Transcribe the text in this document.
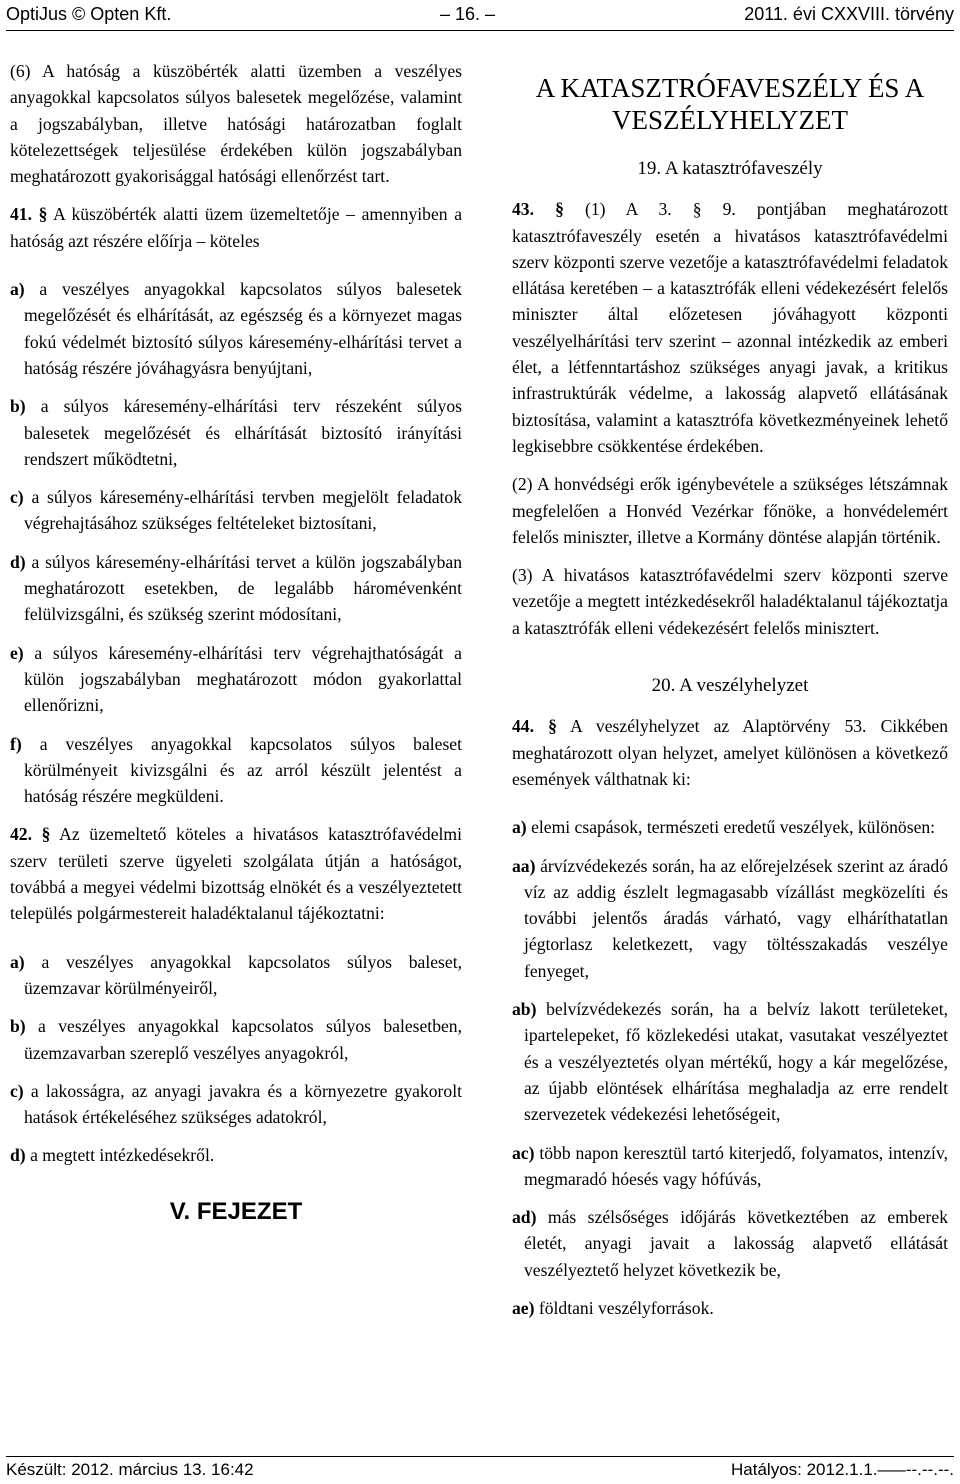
OptiJus © Opten Kft.	– 16. –	2011. évi CXXVIII. törvény

(6) A hatóság a küszöbérték alatti üzemben a veszélyes anyagokkal kapcsolatos súlyos balesetek megelőzése, valamint a jogszabályban, illetve hatósági határozatban foglalt kötelezettségek teljesülése érdekében külön jogszabályban meghatározott gyakorisággal hatósági ellenőrzést tart.

41. § A küszöbérték alatti üzem üzemeltetője – amennyiben a hatóság azt részére előírja – köteles

a) a veszélyes anyagokkal kapcsolatos súlyos balesetek megelőzését és elhárítását, az egészség és a környezet magas fokú védelmét biztosító súlyos káresemény-elhárítási tervet a hatóság részére jóváhagyásra benyújtani,

b) a súlyos káresemény-elhárítási terv részeként súlyos balesetek megelőzését és elhárítását biztosító irányítási rendszert működtetni,

c) a súlyos káresemény-elhárítási tervben megjelölt feladatok végrehajtásához szükséges feltételeket biztosítani,

d) a súlyos káresemény-elhárítási tervet a külön jogszabályban meghatározott esetekben, de legalább háromévenként felülvizsgálni, és szükség szerint módosítani,

e) a súlyos káresemény-elhárítási terv végrehajthatóságát a külön jogszabályban meghatározott módon gyakorlattal ellenőrizni,

f) a veszélyes anyagokkal kapcsolatos súlyos baleset körülményeit kivizsgálni és az arról készült jelentést a hatóság részére megküldeni.

42. § Az üzemeltető köteles a hivatásos katasztrófavédelmi szerv területi szerve ügyeleti szolgálata útján a hatóságot, továbbá a megyei védelmi bizottság elnökét és a veszélyeztetett település polgármestereit haladéktalanul tájékoztatni:

a) a veszélyes anyagokkal kapcsolatos súlyos baleset, üzemzavar körülményeiről,

b) a veszélyes anyagokkal kapcsolatos súlyos balesetben, üzemzavarban szereplő veszélyes anyagokról,

c) a lakosságra, az anyagi javakra és a környezetre gyakorolt hatások értékeléséhez szükséges adatokról,

d) a megtett intézkedésekről.

V. FEJEZET
A KATASZTRÓFAVESZÉLY ÉS A VESZÉLYHELYZET
19. A katasztrófaveszély

43. § (1) A 3. § 9. pontjában meghatározott katasztrófaveszély esetén a hivatásos katasztrófavédelmi szerv központi szerve vezetője a katasztrófavédelmi feladatok ellátása keretében – a katasztrófák elleni védekezésért felelős miniszter által előzetesen jóváhagyott központi veszélyelhárítási terv szerint – azonnal intézkedik az emberi élet, a létfenntartáshoz szükséges anyagi javak, a kritikus infrastruktúrák védelme, a lakosság alapvető ellátásának biztosítása, valamint a katasztrófa következményeinek lehető legkisebbre csökkentése érdekében.

(2) A honvédségi erők igénybevétele a szükséges létszámnak megfelelően a Honvéd Vezérkar főnöke, a honvédelemért felelős miniszter, illetve a Kormány döntése alapján történik.

(3) A hivatásos katasztrófavédelmi szerv központi szerve vezetője a megtett intézkedésekről haladéktalanul tájékoztatja a katasztrófák elleni védekezésért felelős minisztert.

20. A veszélyhelyzet

44. § A veszélyhelyzet az Alaptörvény 53. Cikkében meghatározott olyan helyzet, amelyet különösen a következő események válthatnak ki:

a) elemi csapások, természeti eredetű veszélyek, különösen:

aa) árvízvédekezés során, ha az előrejelzések szerint az áradó víz az addig észlelt legmagasabb vízállást megközelíti és további jelentős áradás várható, vagy elháríthatatlan jégtorlasz keletkezett, vagy töltésszakadás veszélye fenyeget,

ab) belvízvédekezés során, ha a belvíz lakott területeket, ipartelepeket, fő közlekedési utakat, vasutakat veszélyeztet és a veszélyeztetés olyan mértékű, hogy a kár megelőzése, az újabb elöntések elhárítása meghaladja az erre rendelt szervezetek védekezési lehetőségeit,

ac) több napon keresztül tartó kiterjedő, folyamatos, intenzív, megmaradó hóesés vagy hófúvás,

ad) más szélsőséges időjárás következtében az emberek életét, anyagi javait a lakosság alapvető ellátását veszélyeztető helyzet következik be,

ae) földtani veszélyforrások.

Készült: 2012. március 13. 16:42	Hatályos: 2012.1.1.–––--.--.--.
